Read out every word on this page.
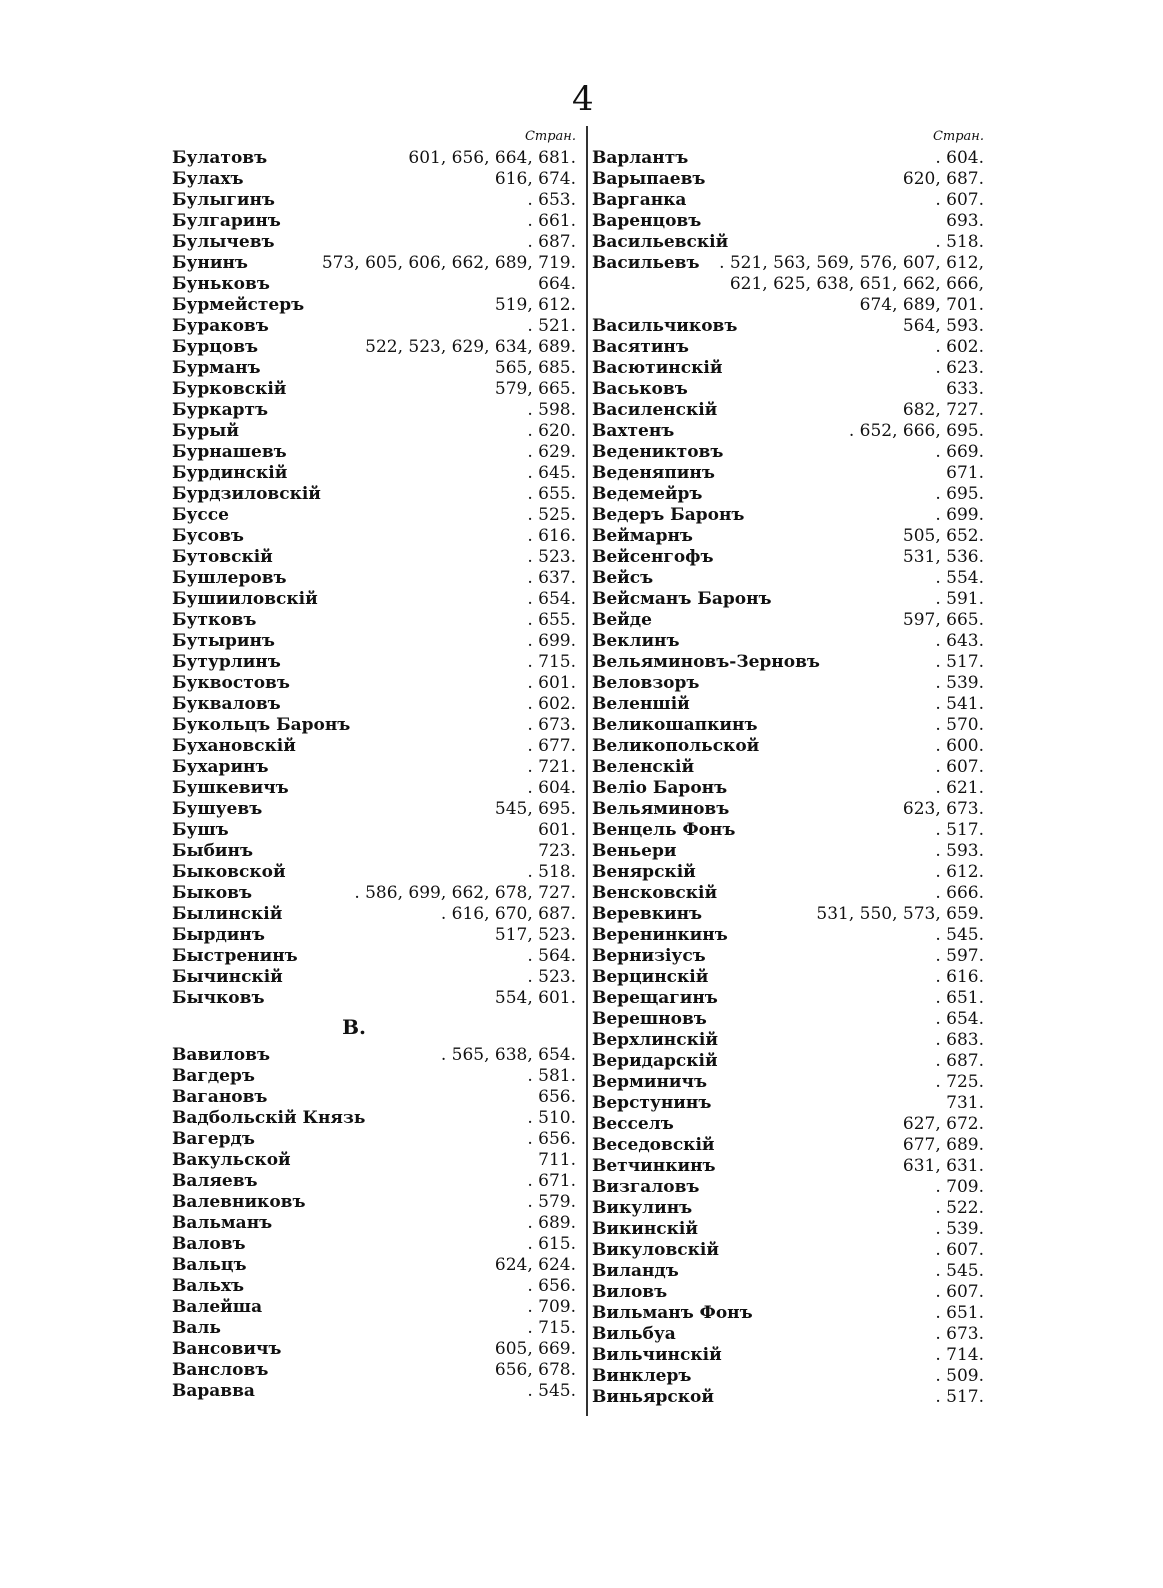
4
Стран.
Булатовъ	601, 656, 664, 681.
Булахъ	616, 674.
Булыгинъ	. 653.
Булгаринъ	. 661.
Булычевъ	. 687.
Бунинъ	573, 605, 606, 662, 689, 719.
Буньковъ	664.
Бурмейстеръ	519, 612.
Бураковъ	. 521.
Бурцовъ	522, 523, 629, 634, 689.
Бурманъ	565, 685.
Бурковскій	579, 665.
Буркартъ	. 598.
Бурый	. 620.
Бурнашевъ	. 629.
Бурдинскій	. 645.
Бурдзиловскій	. 655.
Буссе	. 525.
Бусовъ	. 616.
Бутовскій	. 523.
Бушлеровъ	. 637.
Бушииловскій	. 654.
Бутковъ	. 655.
Бутыринъ	. 699.
Бутурлинъ	. 715.
Буквостовъ	. 601.
Букваловъ	. 602.
Букольцъ Баронъ	. 673.
Бухановскій	. 677.
Бухаринъ	. 721.
Бушкевичъ	. 604.
Бушуевъ	545, 695.
Бушъ	601.
Быбинъ	723.
Быковской	. 518.
Быковъ	. 586, 699, 662, 678, 727.
Былинскій	. 616, 670, 687.
Бырдинъ	517, 523.
Быстренинъ	. 564.
Бычинскій	. 523.
Бычковъ	554, 601.
В.
Вавиловъ	. 565, 638, 654.
Вагдеръ	. 581.
Вагановъ	656.
Вадбольскій Князь	. 510.
Вагердъ	. 656.
Вакульской	711.
Валяевъ	. 671.
Валевниковъ	. 579.
Вальманъ	. 689.
Валовъ	. 615.
Вальцъ	624, 624.
Вальхъ	. 656.
Валейша	. 709.
Валь	. 715.
Вансовичъ	605, 669.
Ванcловъ	656, 678.
Варавва	. 545.
Стран.
Варлантъ	. 604.
Варыпаевъ	620, 687.
Варганка	. 607.
Варенцовъ	693.
Васильевскій	. 518.
Васильевъ . 521, 563, 569, 576, 607, 612,
621, 625, 638, 651, 662, 666,
674, 689, 701.
Васильчиковъ	564, 593.
Васятинъ	. 602.
Васютинскій	. 623.
Васьковъ	633.
Василенскій	682, 727.
Вахтенъ	. 652, 666, 695.
Ведениктовъ	. 669.
Веденяпинъ	671.
Ведемейръ	. 695.
Ведеръ Баронъ	. 699.
Веймарнъ	505, 652.
Вейсенгофъ	531, 536.
Вейсъ	. 554.
Вейсманъ Баронъ	. 591.
Вейде	597, 665.
Веклинъ	. 643.
Вельяминовъ-Зерновъ	. 517.
Веловзоръ	. 539.
Веленшій	. 541.
Великошапкинъ	. 570.
Великопольской	. 600.
Веленскій	. 607.
Веліо Баронъ	. 621.
Вельяминовъ	623, 673.
Венцель Фонъ	. 517.
Веньери	. 593.
Венярскій	. 612.
Венсковскій	. 666.
Веревкинъ	531, 550, 573, 659.
Веренинкинъ	. 545.
Вернизіусъ	. 597.
Верцинскій	. 616.
Верещагинъ	. 651.
Верешновъ	. 654.
Верхлинскій	. 683.
Веридарскій	. 687.
Верминичъ	. 725.
Верстунинъ	731.
Весселъ	627, 672.
Веседовскій	677, 689.
Ветчинкинъ	631, 631.
Визгаловъ	. 709.
Викулинъ	. 522.
Викинскій	. 539.
Викуловскій	. 607.
Виландъ	. 545.
Виловъ	. 607.
Вильманъ Фонъ	. 651.
Вильбуа	. 673.
Вильчинскій	. 714.
Винклеръ	. 509.
Виньярской	. 517.
